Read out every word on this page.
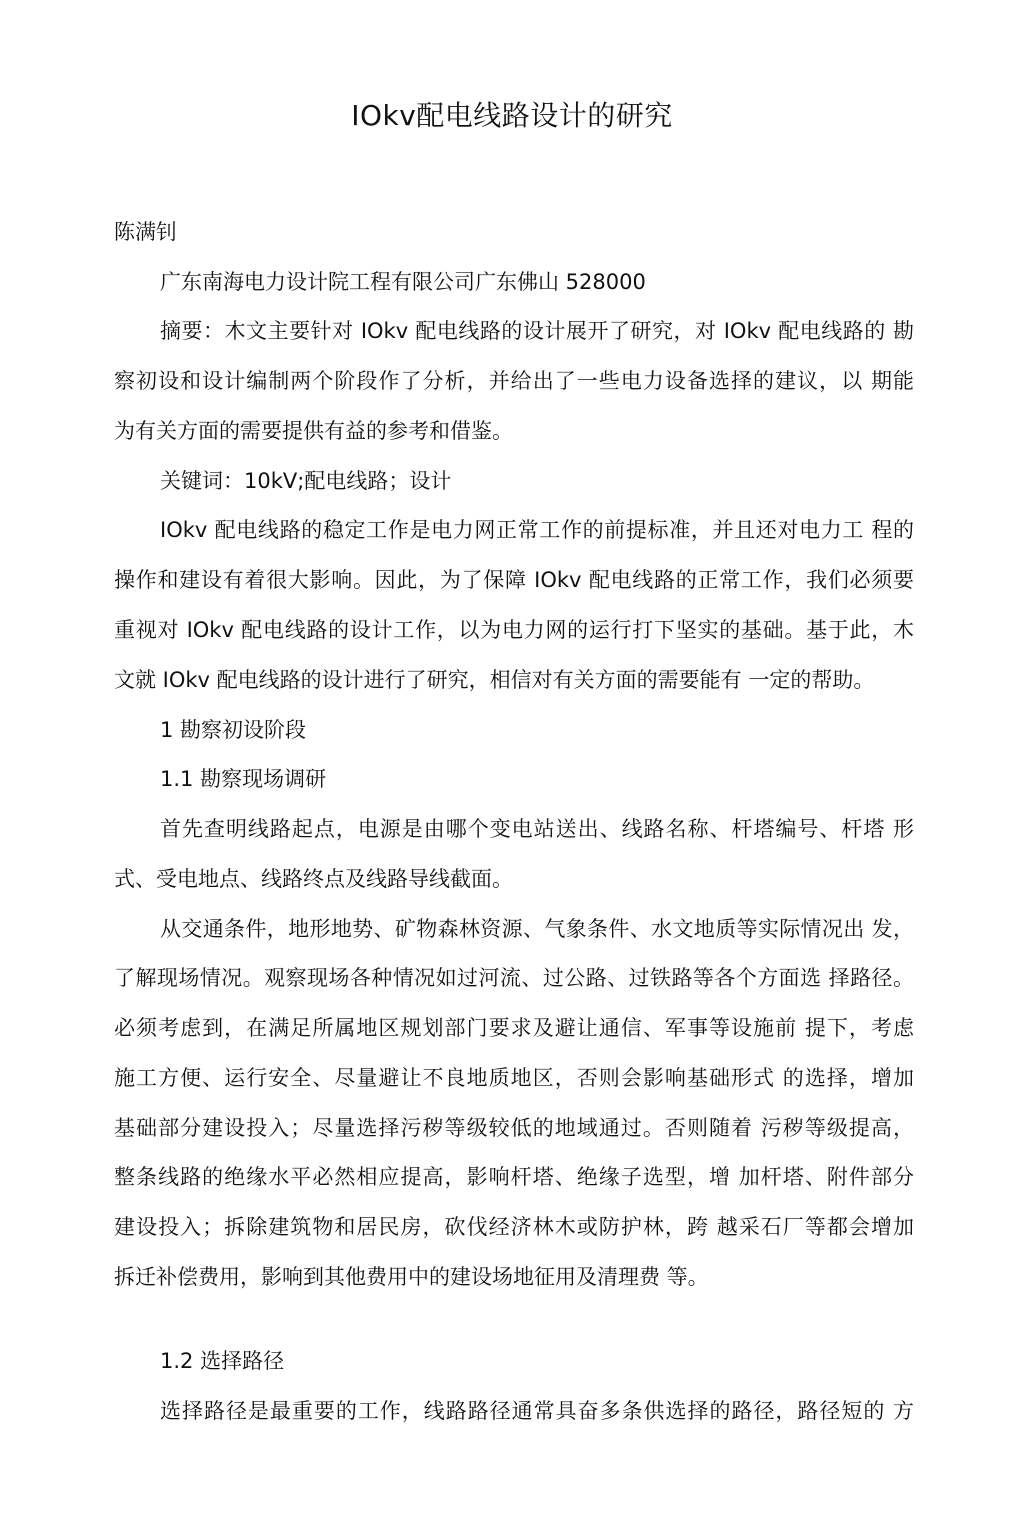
IOkv配电线路设计的研究

陈满钊

广东南海电力设计院工程有限公司广东佛山 528000

摘要：木文主要针对 IOkv 配电线路的设计展开了研究，对 IOkv 配电线路的 勘

察初设和设计编制两个阶段作了分析，并给出了一些电力设备选择的建议，以 期能

为有关方面的需要提供有益的参考和借鉴。

关键词：10kV;配电线路；设计

IOkv 配电线路的稳定工作是电力网正常工作的前提标准，并且还对电力工 程的

操作和建设有着很大影响。因此，为了保障 IOkv 配电线路的正常工作，我们必须要

重视对 IOkv 配电线路的设计工作，以为电力网的运行打下坚实的基础。基于此，木

文就 IOkv 配电线路的设计进行了研究，相信对有关方面的需要能有 一定的帮助。

1 勘察初设阶段

1.1 勘察现场调研

首先查明线路起点，电源是由哪个变电站送出、线路名称、杆塔编号、杆塔 形

式、受电地点、线路终点及线路导线截面。

从交通条件，地形地势、矿物森林资源、气象条件、水文地质等实际情况出 发，

了解现场情况。观察现场各种情况如过河流、过公路、过铁路等各个方面选 择路径。

必须考虑到，在满足所属地区规划部门要求及避让通信、军事等设施前 提下，考虑

施工方便、运行安全、尽量避让不良地质地区，否则会影响基础形式 的选择，增加

基础部分建设投入；尽量选择污秽等级较低的地域通过。否则随着 污秽等级提高，

整条线路的绝缘水平必然相应提高，影响杆塔、绝缘子选型，增 加杆塔、附件部分

建设投入；拆除建筑物和居民房，砍伐经济林木或防护林，跨 越采石厂等都会增加

拆迁补偿费用，影响到其他费用中的建设场地征用及清理费 等。

1.2 选择路径

选择路径是最重要的工作，线路路径通常具奋多条供选择的路径，路径短的 方
